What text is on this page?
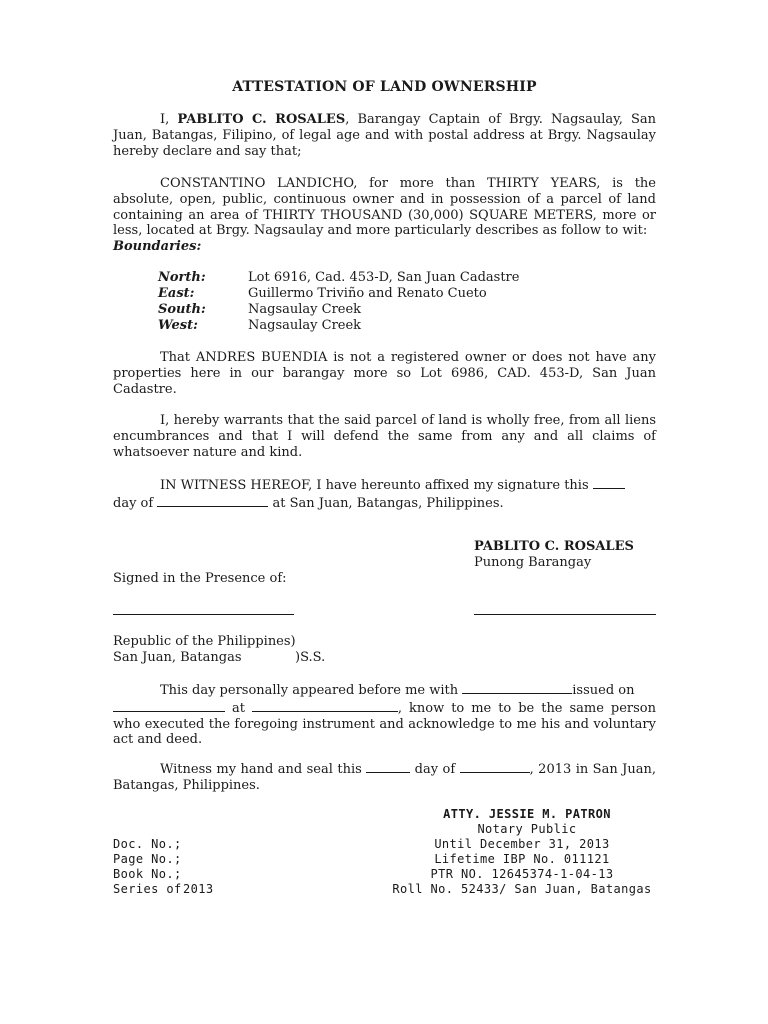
ATTESTATION OF LAND OWNERSHIP

I, PABLITO C. ROSALES, Barangay Captain of Brgy. Nagsaulay, San Juan, Batangas, Filipino, of legal age and with postal address at Brgy. Nagsaulay hereby declare and say that;

CONSTANTINO LANDICHO, for more than THIRTY YEARS, is the absolute, open, public, continuous owner and in possession of a parcel of land containing an area of THIRTY THOUSAND (30,000) SQUARE METERS, more or less, located at Brgy. Nagsaulay and more particularly describes as follow to wit:

Boundaries:
North:	Lot 6916, Cad. 453-D, San Juan Cadastre
East:	Guillermo Triviño and Renato Cueto
South:	Nagsaulay Creek
West:	Nagsaulay Creek

That ANDRES BUENDIA is not a registered owner or does not have any properties here in our barangay more so Lot 6986, CAD. 453-D, San Juan Cadastre.

I, hereby warrants that the said parcel of land is wholly free, from all liens encumbrances and that I will defend the same from any and all claims of whatsoever nature and kind.

IN WITNESS HEREOF, I have hereunto affixed my signature this
day of	at San Juan, Batangas, Philippines.

PABLITO C. ROSALES
Punong Barangay
Signed in the Presence of:
Republic of the Philippines)
San Juan, Batangas	)S.S.

This day personally appeared before me with	issued on
at	, know to me to be the same person who executed the foregoing instrument and acknowledge to me his and voluntary act and deed.

Witness my hand and seal this	day of	, 2013 in San Juan, Batangas, Philippines.

ATTY. JESSIE M. PATRON
Notary Public
Until December 31, 2013
Lifetime IBP No. 011121
PTR NO. 12645374-1-04-13
Roll No. 52433/ San Juan, Batangas
Doc. No.;
Page No.;
Book No.;
Series of 2013
